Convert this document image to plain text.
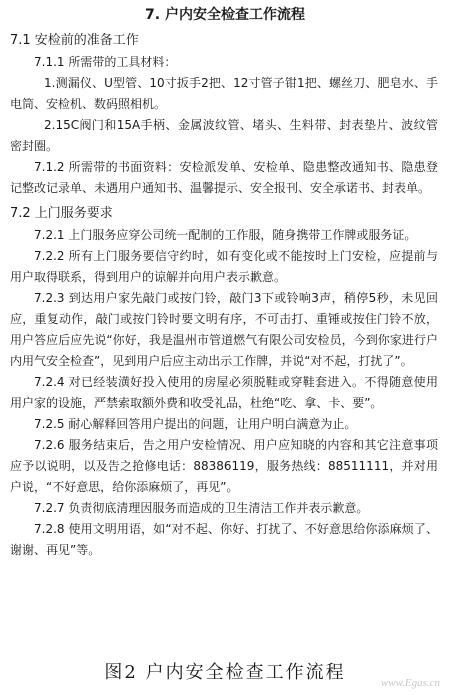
7. 户内安全检查工作流程
7.1 安检前的准备工作

7.1.1 所需带的工具材料：

1.测漏仪、U型管、10寸扳手2把、12寸管子钳1把、螺丝刀、肥皂水、手电筒、安检机、数码照相机。

2.15C阀门和15A手柄、金属波纹管、堵头、生料带、封表垫片、波纹管密封圈。

7.1.2 所需带的书面资料：安检派发单、安检单、隐患整改通知书、隐患登记整改记录单、未遇用户通知书、温馨提示、安全报刊、安全承诺书、封表单。

7.2 上门服务要求

7.2.1 上门服务应穿公司统一配制的工作服，随身携带工作牌或服务证。

7.2.2 所有上门服务要信守约时，如有变化或不能按时上门安检，应提前与用户取得联系，得到用户的谅解并向用户表示歉意。

7.2.3 到达用户家先敲门或按门铃，敲门3下或铃响3声，稍停5秒，未见回应，重复动作，敲门或按门铃时要文明有序，不可击打、重锤或按住门铃不放，用户答应后应先说“你好，我是温州市管道燃气有限公司安检员，今到你家进行户内用气安全检查”，见到用户后应主动出示工作牌，并说“对不起，打扰了”。

7.2.4 对已经装潢好投入使用的房屋必须脱鞋或穿鞋套进入。不得随意使用用户家的设施，严禁索取额外费和收受礼品，杜绝“吃、拿、卡、要”。

7.2.5 耐心解释回答用户提出的问题，让用户明白满意为止。

7.2.6 服务结束后，告之用户安检情况、用户应知晓的内容和其它注意事项应予以说明，以及告之抢修电话：88386119，服务热线：88511111，并对用户说，“不好意思，给你添麻烦了，再见”。

7.2.7 负责彻底清理因服务而造成的卫生清洁工作并表示歉意。

7.2.8 使用文明用语，如“对不起、你好、打扰了、不好意思给你添麻烦了、谢谢、再见”等。

图2 户内安全检查工作流程	www.Egas.cn
